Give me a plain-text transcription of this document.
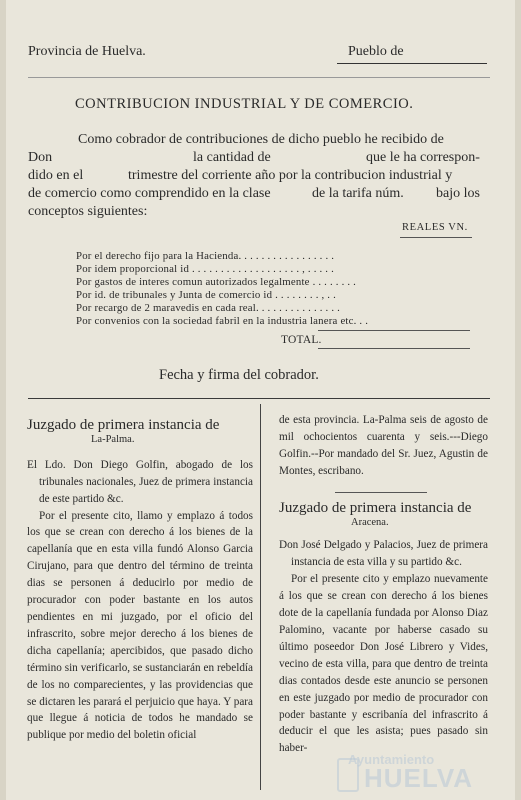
Provincia de Huelva.	Pueblo de
CONTRIBUCION INDUSTRIAL Y DE COMERCIO.
Como cobrador de contribuciones de dicho pueblo he recibido de
Don	la cantidad de	que le ha correspon-
dido en el	trimestre del corriente año por la contribucion industrial y
de comercio como comprendido en la clase	de la tarifa núm. bajo los
conceptos siguientes:
REALES VN.
Por el derecho fijo para la Hacienda. . . . . . . . . . . . . . . . .
Por idem proporcional id . . . . . . . . . . . . . . . . . . . , . . . . .
Por gastos de interes comun autorizados legalmente . . . . . . . .
Por id. de tribunales y Junta de comercio id . . . . . . . . , . .
Por recargo de 2 maravedis en cada real. . . . . . . . . . . . . . .
Por convenios con la sociedad fabril en la industria lanera etc. . .
TOTAL.
Fecha y firma del cobrador.
Juzgado de primera instancia de
La-Palma.

El Ldo. Don Diego Golfin, abogado de los tribunales nacionales, Juez de primera instancia de este partido &c.

Por el presente cito, llamo y emplazo á todos los que se crean con derecho á los bienes de la capellanía que en esta villa fundó Alonso Garcia Cirujano, para que dentro del término de treinta dias se personen á deducirlo por medio de procurador con poder bastante en los autos pendientes en mi juzgado, por el oficio del infrascrito, sobre mejor derecho á los bienes de dicha capellanía; apercibidos, que pasado dicho término sin verificarlo, se sustanciarán en rebeldía de los no comparecientes, y las providencias que se dictaren les parará el perjuicio que haya. Y para que llegue á noticia de todos he mandado se publique por medio del boletin oficial

de esta provincia. La-Palma seis de agosto de mil ochocientos cuarenta y seis.---Diego Golfin.--Por mandado del Sr. Juez, Agustin de Montes, escribano.

Juzgado de primera instancia de
Aracena.

Don José Delgado y Palacios, Juez de primera instancia de esta villa y su partido &c.

Por el presente cito y emplazo nuevamente á los que se crean con derecho á los bienes dote de la capellanía fundada por Alonso Diaz Palomino, vacante por haberse casado su último poseedor Don José Librero y Vides, vecino de esta villa, para que dentro de treinta dias contados desde este anuncio se personen en este juzgado por medio de procurador con poder bastante y escribanía del infrascrito á deducir el que les asista; pues pasado sin haber-

Ayuntamiento
HUELVA
